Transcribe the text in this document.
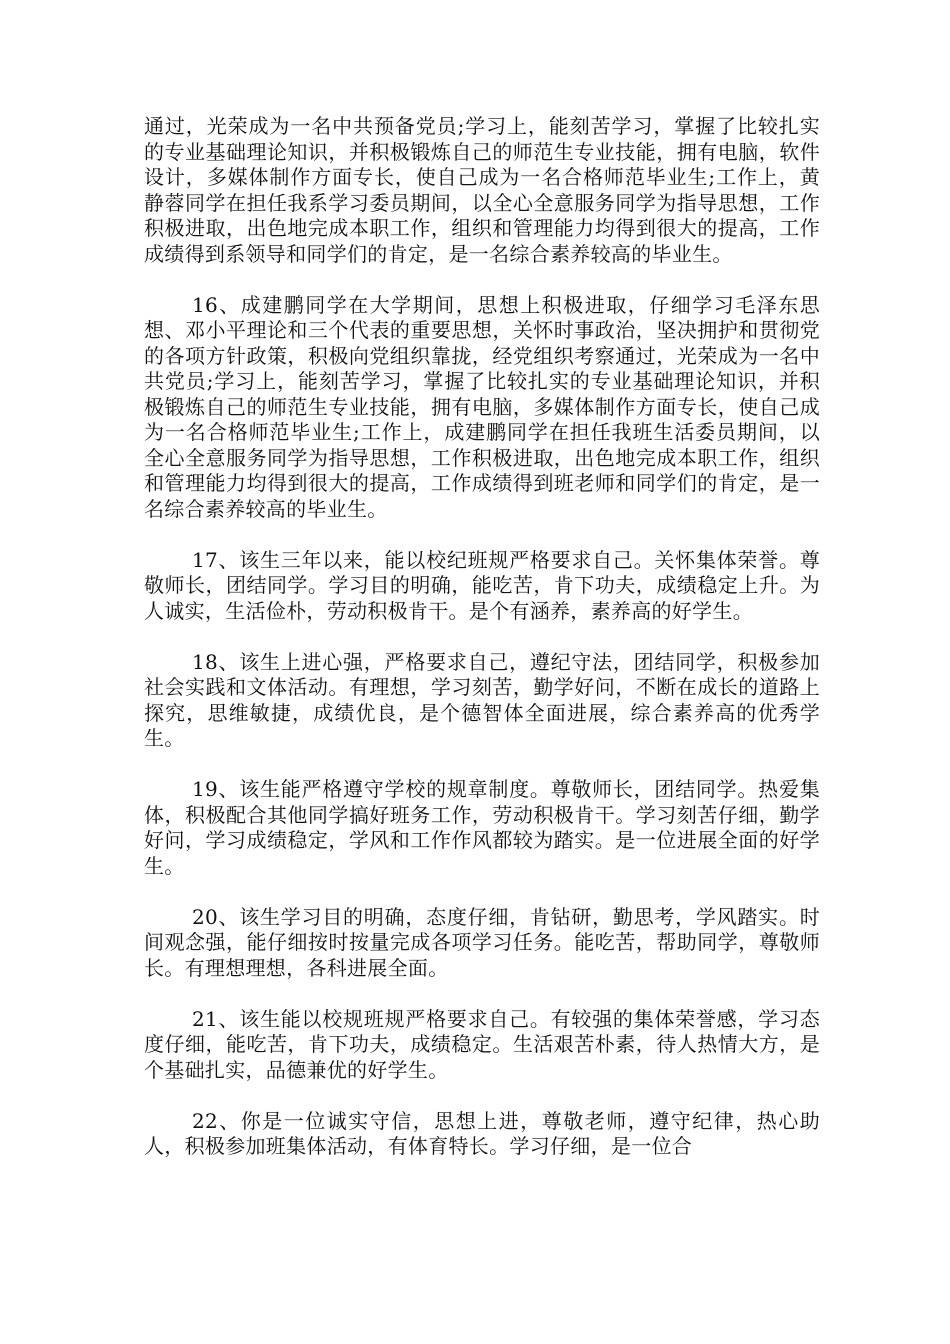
通过，光荣成为一名中共预备党员;学习上，能刻苦学习，掌握了比较扎实的专业基础理论知识，并积极锻炼自己的师范生专业技能，拥有电脑，软件设计，多媒体制作方面专长，使自己成为一名合格师范毕业生;工作上，黄静蓉同学在担任我系学习委员期间，以全心全意服务同学为指导思想，工作积极进取，出色地完成本职工作，组织和管理能力均得到很大的提高，工作成绩得到系领导和同学们的肯定，是一名综合素养较高的毕业生。

16、成建鹏同学在大学期间，思想上积极进取，仔细学习毛泽东思想、邓小平理论和三个代表的重要思想，关怀时事政治，坚决拥护和贯彻党的各项方针政策，积极向党组织靠拢，经党组织考察通过，光荣成为一名中共党员;学习上，能刻苦学习，掌握了比较扎实的专业基础理论知识，并积极锻炼自己的师范生专业技能，拥有电脑，多媒体制作方面专长，使自己成为一名合格师范毕业生;工作上，成建鹏同学在担任我班生活委员期间，以全心全意服务同学为指导思想，工作积极进取，出色地完成本职工作，组织和管理能力均得到很大的提高，工作成绩得到班老师和同学们的肯定，是一名综合素养较高的毕业生。

17、该生三年以来，能以校纪班规严格要求自己。关怀集体荣誉。尊敬师长，团结同学。学习目的明确，能吃苦，肯下功夫，成绩稳定上升。为人诚实，生活俭朴，劳动积极肯干。是个有涵养，素养高的好学生。

18、该生上进心强，严格要求自己，遵纪守法，团结同学，积极参加社会实践和文体活动。有理想，学习刻苦，勤学好问，不断在成长的道路上探究，思维敏捷，成绩优良，是个德智体全面进展，综合素养高的优秀学生。

19、该生能严格遵守学校的规章制度。尊敬师长，团结同学。热爱集体，积极配合其他同学搞好班务工作，劳动积极肯干。学习刻苦仔细，勤学好问，学习成绩稳定，学风和工作作风都较为踏实。是一位进展全面的好学生。

20、该生学习目的明确，态度仔细，肯钻研，勤思考，学风踏实。时间观念强，能仔细按时按量完成各项学习任务。能吃苦，帮助同学，尊敬师长。有理想理想，各科进展全面。

21、该生能以校规班规严格要求自己。有较强的集体荣誉感，学习态度仔细，能吃苦，肯下功夫，成绩稳定。生活艰苦朴素，待人热情大方，是个基础扎实，品德兼优的好学生。

22、你是一位诚实守信，思想上进，尊敬老师，遵守纪律，热心助人，积极参加班集体活动，有体育特长。学习仔细，是一位合
